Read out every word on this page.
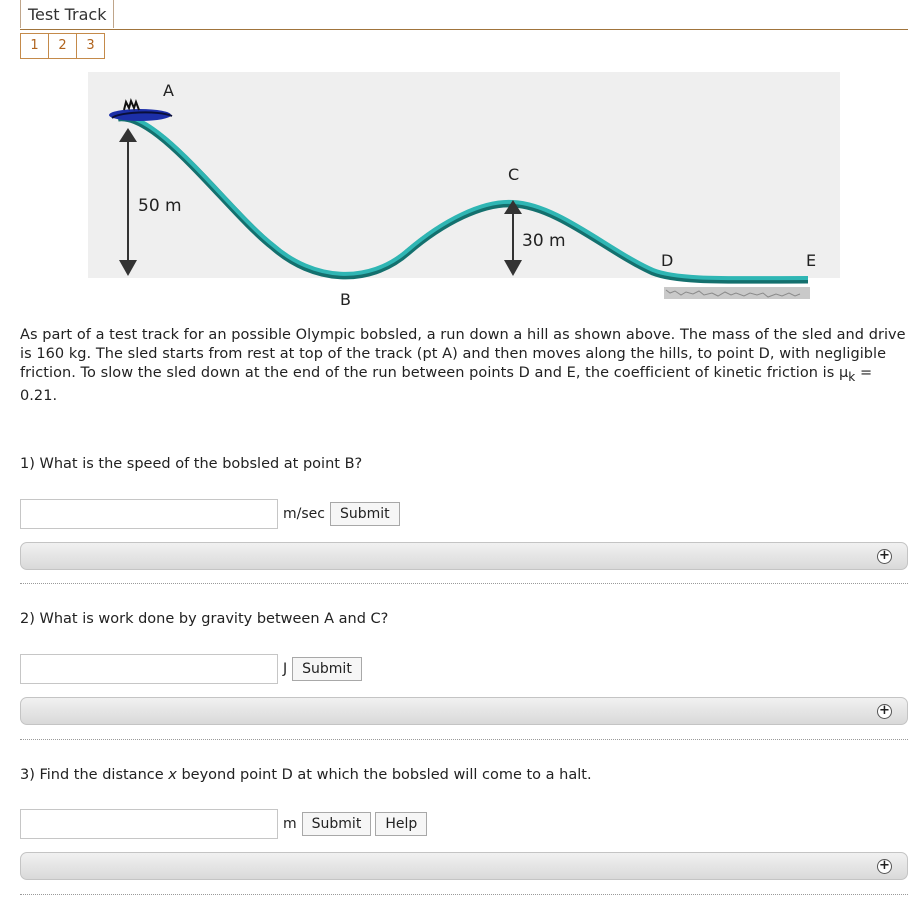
Test Track
1	2	3
A
B
C
D	E
50 m
30 m
As part of a test track for an possible Olympic bobsled, a run down a hill as shown above. The mass of the sled and drive is 160 kg. The sled starts from rest at top of the track (pt A) and then moves along the hills, to point D, with negligible friction. To slow the sled down at the end of the run between points D and E, the coefficient of kinetic friction is $\mu_k = 0.21$.
1) What is the speed of the bobsled at point B?
m/sec	Submit
+
2) What is work done by gravity between A and C?
J	Submit
+
3) Find the distance x beyond point D at which the bobsled will come to a halt.
m	Submit	Help
+
